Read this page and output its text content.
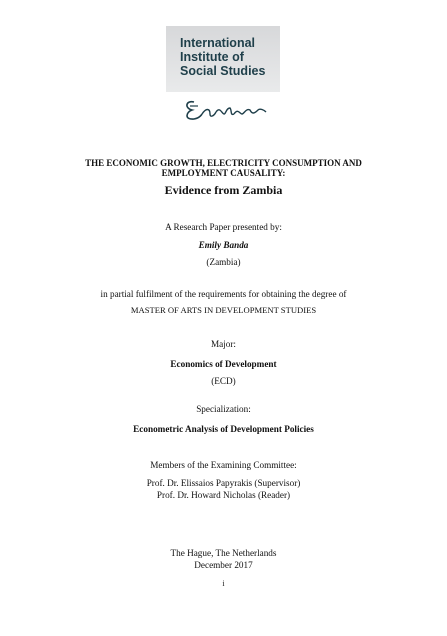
International
Institute of
Social Studies
THE ECONOMIC GROWTH, ELECTRICITY CONSUMPTION AND
EMPLOYMENT CAUSALITY:
Evidence from Zambia
A Research Paper presented by:
Emily Banda
(Zambia)
in partial fulfilment of the requirements for obtaining the degree of
MASTER OF ARTS IN DEVELOPMENT STUDIES
Major:
Economics of Development
(ECD)
Specialization:
Econometric Analysis of Development Policies
Members of the Examining Committee:
Prof. Dr. Elissaios Papyrakis (Supervisor)
Prof. Dr. Howard Nicholas (Reader)
The Hague, The Netherlands
December 2017
i
